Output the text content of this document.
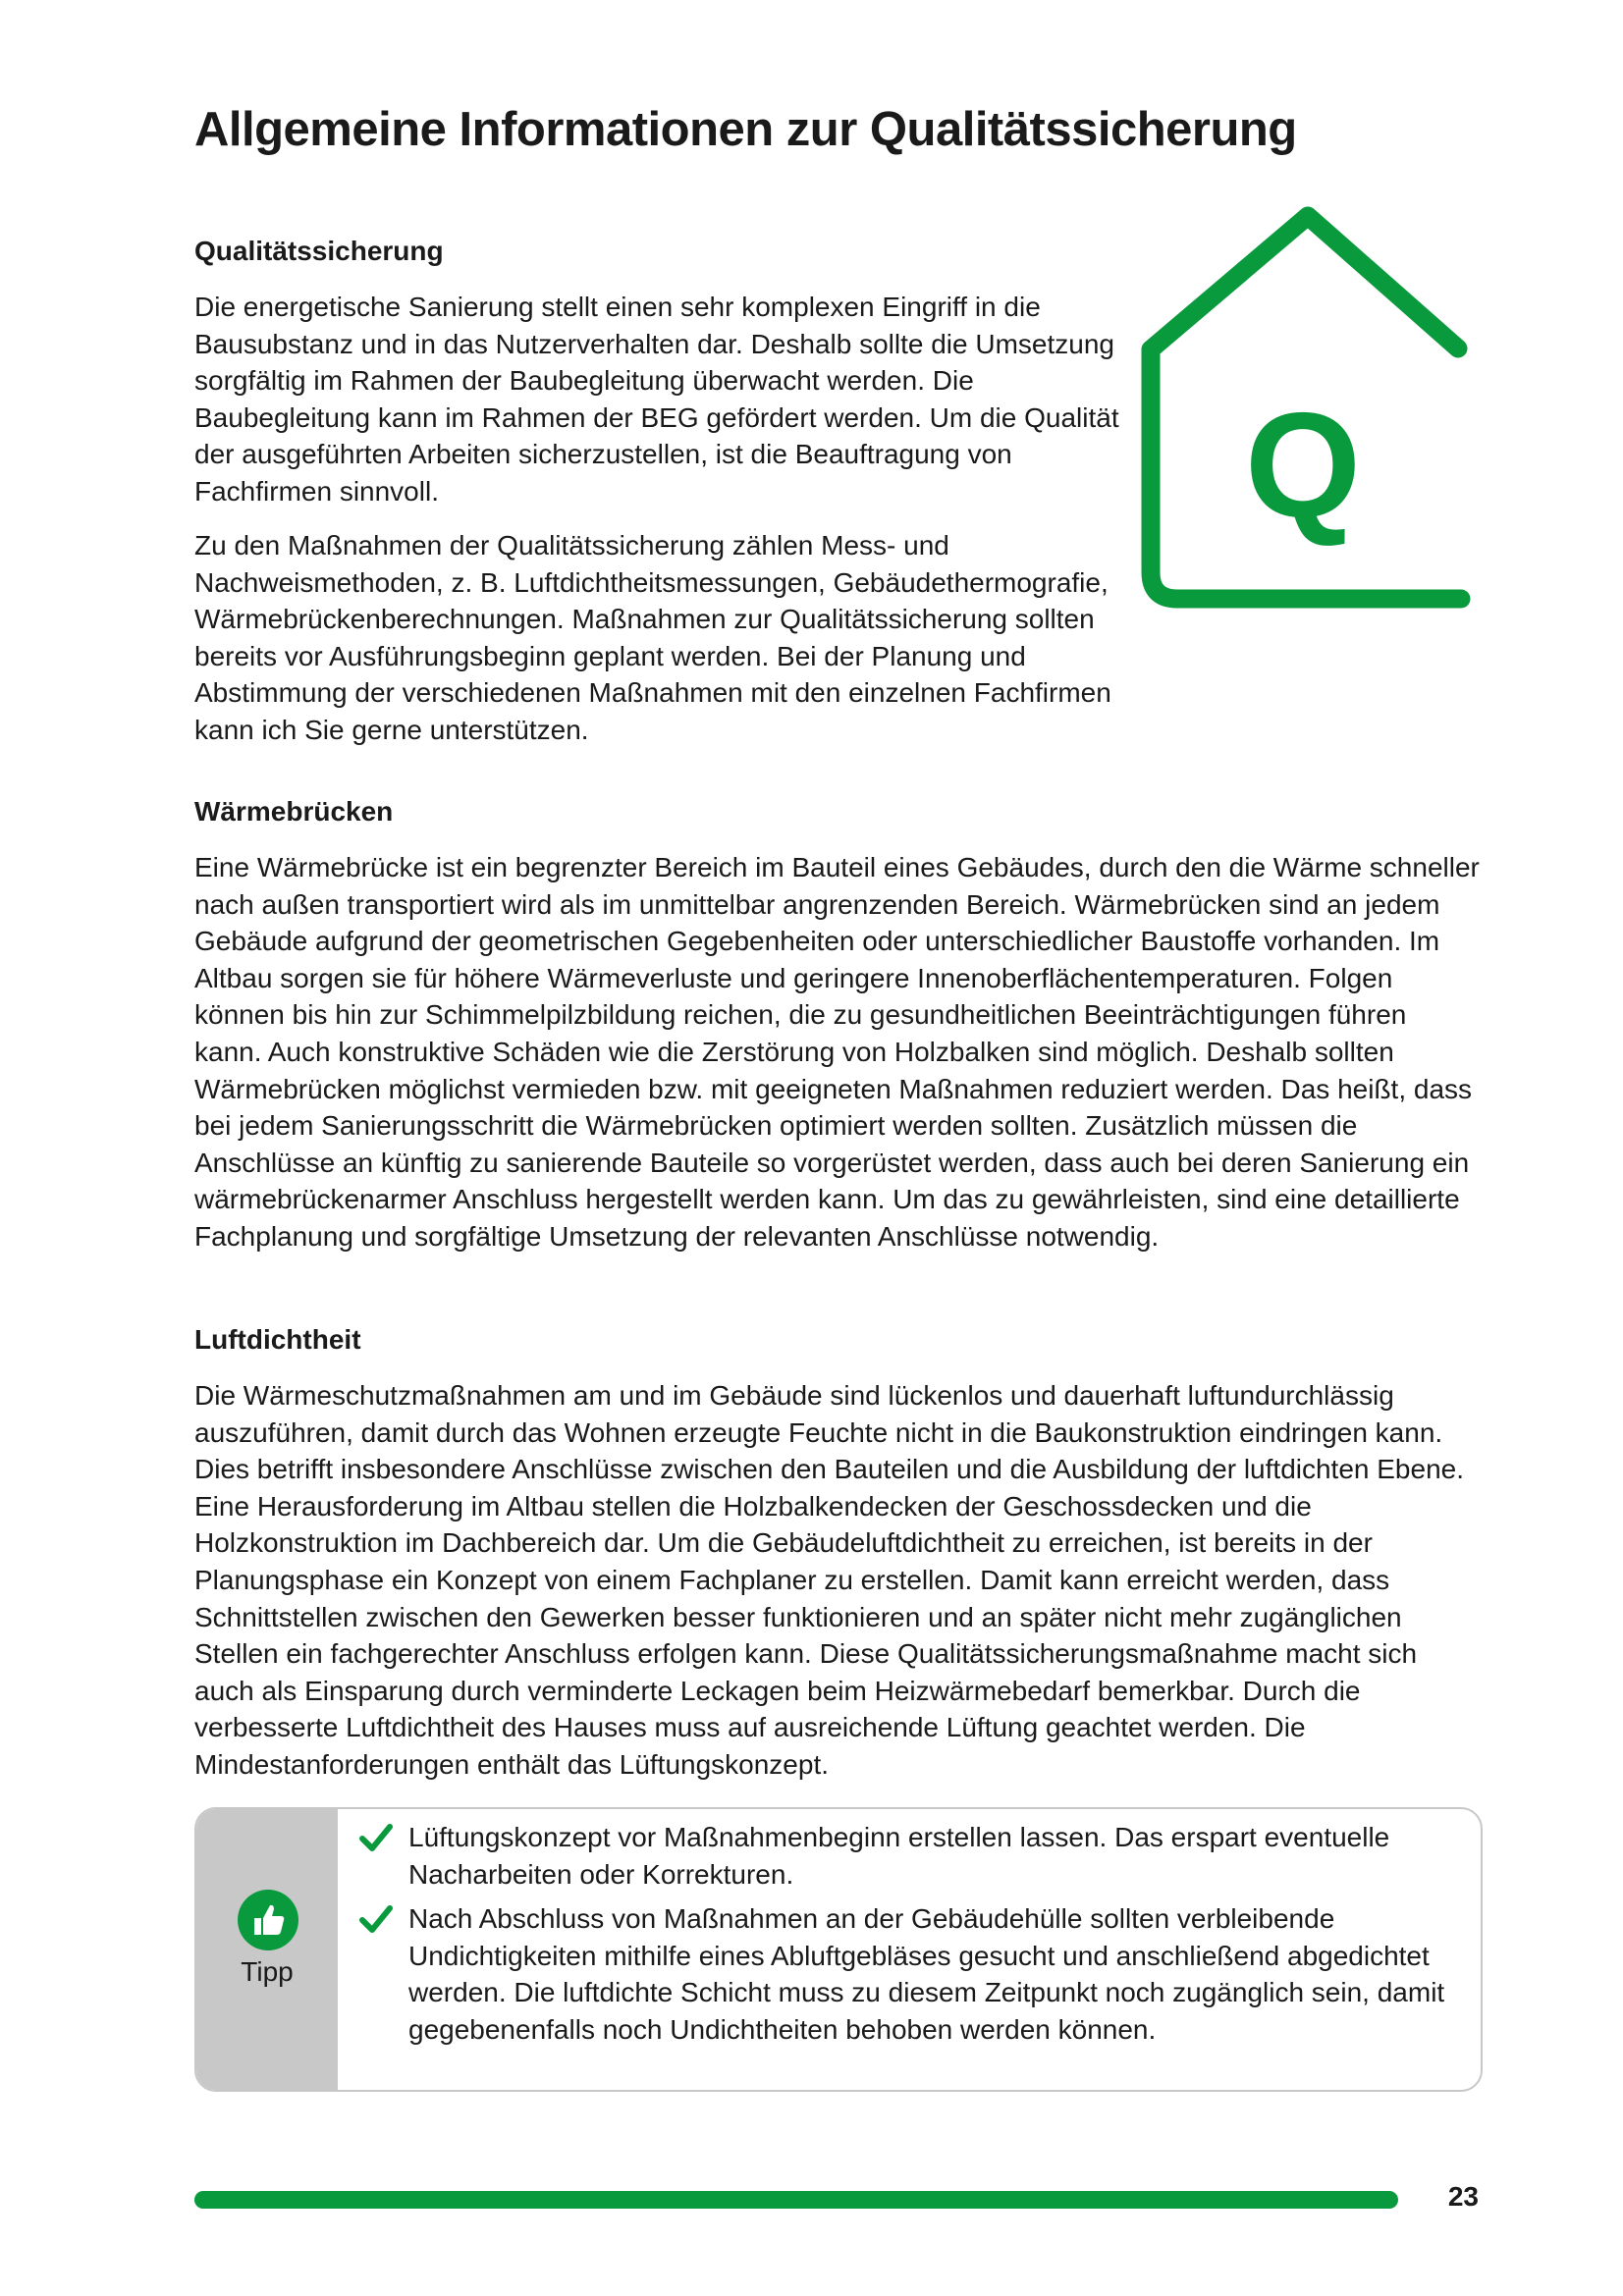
Allgemeine Informationen zur Qualitätssicherung
Qualitätssicherung

Die energetische Sanierung stellt einen sehr komplexen Eingriff in die Bausubstanz und in das Nutzerverhalten dar. Deshalb sollte die Umsetzung sorgfältig im Rahmen der Baubegleitung überwacht werden. Die Baubegleitung kann im Rahmen der BEG gefördert werden. Um die Qualität der ausgeführten Arbeiten sicherzustellen, ist die Beauftragung von Fachfirmen sinnvoll.

Zu den Maßnahmen der Qualitätssicherung zählen Mess- und Nachweismethoden, z. B. Luftdichtheitsmessungen, Gebäudethermografie, Wärmebrückenberechnungen. Maßnahmen zur Qualitätssicherung sollten bereits vor Ausführungsbeginn geplant werden. Bei der Planung und Abstimmung der verschiedenen Maßnahmen mit den einzelnen Fachfirmen kann ich Sie gerne unterstützen.

Q
Wärmebrücken

Eine Wärmebrücke ist ein begrenzter Bereich im Bauteil eines Gebäudes, durch den die Wärme schneller nach außen transportiert wird als im unmittelbar angrenzenden Bereich. Wärmebrücken sind an jedem Gebäude aufgrund der geometrischen Gegebenheiten oder unterschiedlicher Baustoffe vorhanden. Im Altbau sorgen sie für höhere Wärmeverluste und geringere Innenoberflächentemperaturen. Folgen können bis hin zur Schimmelpilzbildung reichen, die zu gesundheitlichen Beeinträchtigungen führen kann. Auch konstruktive Schäden wie die Zerstörung von Holzbalken sind möglich. Deshalb sollten Wärmebrücken möglichst vermieden bzw. mit geeigneten Maßnahmen reduziert werden. Das heißt, dass bei jedem Sanierungsschritt die Wärmebrücken optimiert werden sollten. Zusätzlich müssen die Anschlüsse an künftig zu sanierende Bauteile so vorgerüstet werden, dass auch bei deren Sanierung ein wärmebrückenarmer Anschluss hergestellt werden kann. Um das zu gewährleisten, sind eine detaillierte Fachplanung und sorgfältige Umsetzung der relevanten Anschlüsse notwendig.

Luftdichtheit

Die Wärmeschutzmaßnahmen am und im Gebäude sind lückenlos und dauerhaft luftundurchlässig auszuführen, damit durch das Wohnen erzeugte Feuchte nicht in die Baukonstruktion eindringen kann. Dies betrifft insbesondere Anschlüsse zwischen den Bauteilen und die Ausbildung der luftdichten Ebene. Eine Herausforderung im Altbau stellen die Holzbalkendecken der Geschossdecken und die Holzkonstruktion im Dachbereich dar. Um die Gebäudeluftdichtheit zu erreichen, ist bereits in der Planungsphase ein Konzept von einem Fachplaner zu erstellen. Damit kann erreicht werden, dass Schnittstellen zwischen den Gewerken besser funktionieren und an später nicht mehr zugänglichen Stellen ein fachgerechter Anschluss erfolgen kann. Diese Qualitätssicherungsmaßnahme macht sich auch als Einsparung durch verminderte Leckagen beim Heizwärmebedarf bemerkbar. Durch die verbesserte Luftdichtheit des Hauses muss auf ausreichende Lüftung geachtet werden. Die Mindestanforderungen enthält das Lüftungskonzept.

Tipp

Lüftungskonzept vor Maßnahmenbeginn erstellen lassen. Das erspart eventuelle Nacharbeiten oder Korrekturen.

Nach Abschluss von Maßnahmen an der Gebäudehülle sollten verbleibende Undichtigkeiten mithilfe eines Abluftgebläses gesucht und anschließend abgedichtet werden. Die luftdichte Schicht muss zu diesem Zeitpunkt noch zugänglich sein, damit gegebenenfalls noch Undichtheiten behoben werden können.

23
